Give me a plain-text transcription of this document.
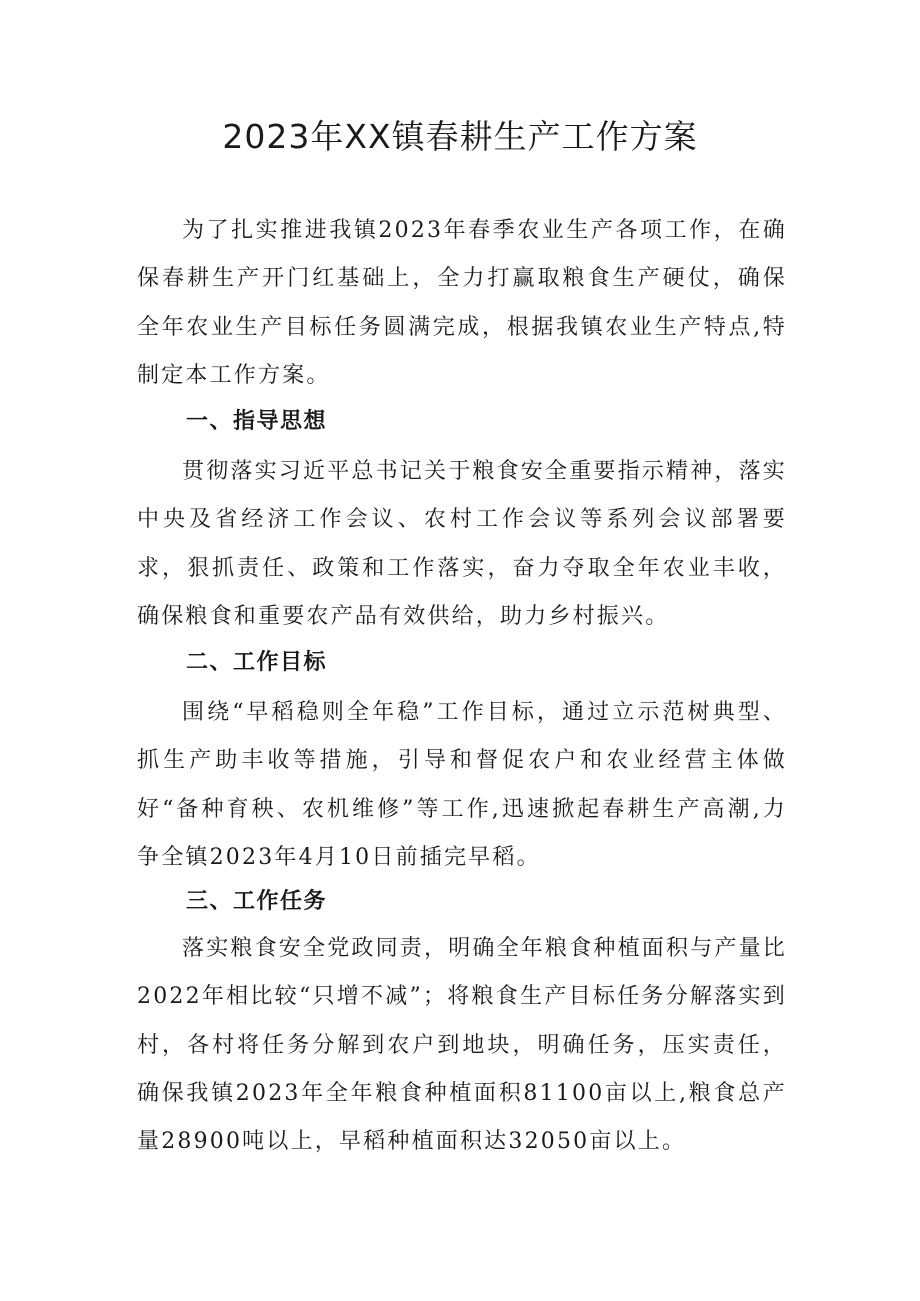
2023年XX镇春耕生产工作方案

为了扎实推进我镇2023年春季农业生产各项工作，在确保春耕生产开门红基础上，全力打赢取粮食生产硬仗，确保全年农业生产目标任务圆满完成，根据我镇农业生产特点,特制定本工作方案。

一、指导思想

贯彻落实习近平总书记关于粮食安全重要指示精神，落实中央及省经济工作会议、农村工作会议等系列会议部署要求，狠抓责任、政策和工作落实，奋力夺取全年农业丰收，确保粮食和重要农产品有效供给，助力乡村振兴。

二、工作目标

围绕“早稻稳则全年稳”工作目标，通过立示范树典型、抓生产助丰收等措施，引导和督促农户和农业经营主体做好“备种育秧、农机维修”等工作,迅速掀起春耕生产高潮,力争全镇2023年4月10日前插完早稻。

三、工作任务

落实粮食安全党政同责，明确全年粮食种植面积与产量比2022年相比较“只增不减”；将粮食生产目标任务分解落实到村，各村将任务分解到农户到地块，明确任务，压实责任，确保我镇2023年全年粮食种植面积81100亩以上,粮食总产量28900吨以上，早稻种植面积达32050亩以上。
